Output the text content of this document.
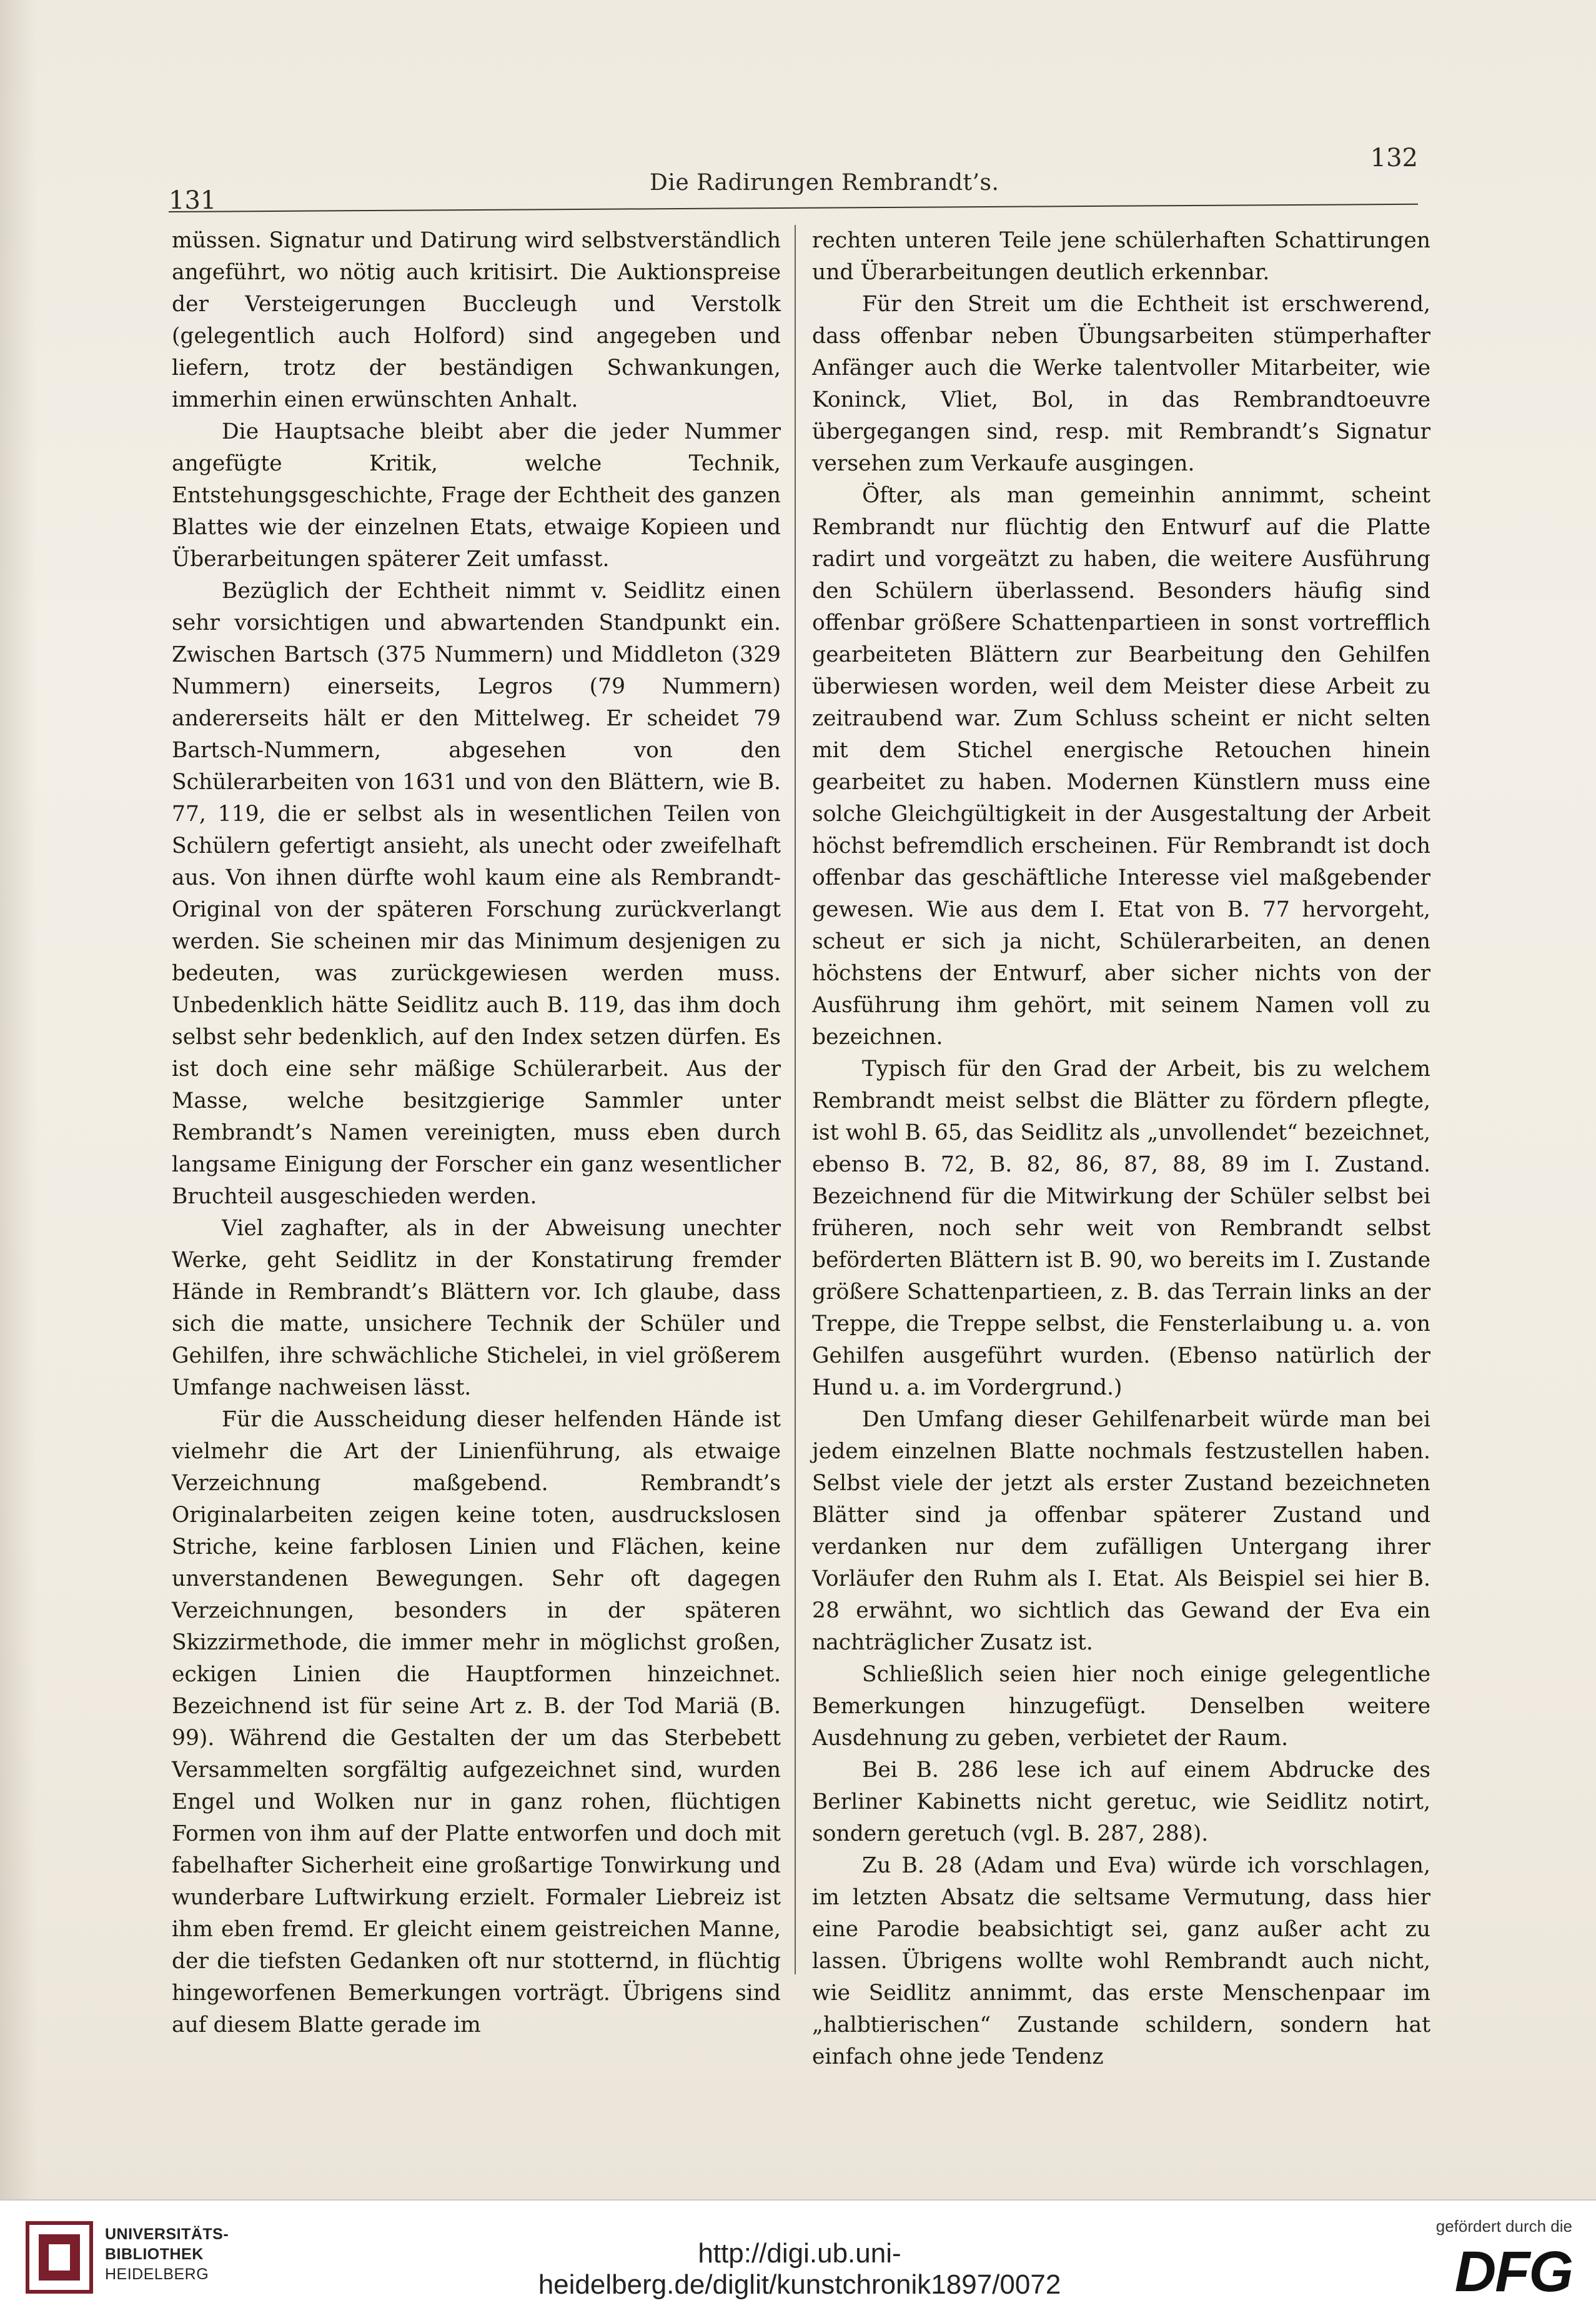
131
Die Radirungen Rembrandt’s.
132

müssen. Signatur und Datirung wird selbstverständlich angeführt, wo nötig auch kritisirt. Die Auktionspreise der Versteigerungen Buccleugh und Verstolk (gelegentlich auch Holford) sind angegeben und liefern, trotz der beständigen Schwankungen, immerhin einen erwünschten Anhalt.

Die Hauptsache bleibt aber die jeder Nummer angefügte Kritik, welche Technik, Entstehungsgeschichte, Frage der Echtheit des ganzen Blattes wie der einzelnen Etats, etwaige Kopieen und Überarbeitungen späterer Zeit umfasst.

Bezüglich der Echtheit nimmt v. Seidlitz einen sehr vorsichtigen und abwartenden Standpunkt ein. Zwischen Bartsch (375 Nummern) und Middleton (329 Nummern) einerseits, Legros (79 Nummern) andererseits hält er den Mittelweg. Er scheidet 79 Bartsch-Nummern, abgesehen von den Schülerarbeiten von 1631 und von den Blättern, wie B. 77, 119, die er selbst als in wesentlichen Teilen von Schülern gefertigt ansieht, als unecht oder zweifelhaft aus. Von ihnen dürfte wohl kaum eine als Rembrandt-Original von der späteren Forschung zurückverlangt werden. Sie scheinen mir das Minimum desjenigen zu bedeuten, was zurückgewiesen werden muss. Unbedenklich hätte Seidlitz auch B. 119, das ihm doch selbst sehr bedenklich, auf den Index setzen dürfen. Es ist doch eine sehr mäßige Schülerarbeit. Aus der Masse, welche besitzgierige Sammler unter Rembrandt’s Namen vereinigten, muss eben durch langsame Einigung der Forscher ein ganz wesentlicher Bruchteil ausgeschieden werden.

Viel zaghafter, als in der Abweisung unechter Werke, geht Seidlitz in der Konstatirung fremder Hände in Rembrandt’s Blättern vor. Ich glaube, dass sich die matte, unsichere Technik der Schüler und Gehilfen, ihre schwächliche Stichelei, in viel größerem Umfange nachweisen lässt.

Für die Ausscheidung dieser helfenden Hände ist vielmehr die Art der Linienführung, als etwaige Verzeichnung maßgebend. Rembrandt’s Originalarbeiten zeigen keine toten, ausdruckslosen Striche, keine farblosen Linien und Flächen, keine unverstandenen Bewegungen. Sehr oft dagegen Verzeichnungen, besonders in der späteren Skizzirmethode, die immer mehr in möglichst großen, eckigen Linien die Hauptformen hinzeichnet. Bezeichnend ist für seine Art z. B. der Tod Mariä (B. 99). Während die Gestalten der um das Sterbebett Versammelten sorgfältig aufgezeichnet sind, wurden Engel und Wolken nur in ganz rohen, flüchtigen Formen von ihm auf der Platte entworfen und doch mit fabelhafter Sicherheit eine großartige Tonwirkung und wunderbare Luftwirkung erzielt. Formaler Liebreiz ist ihm eben fremd. Er gleicht einem geistreichen Manne, der die tiefsten Gedanken oft nur stotternd, in flüchtig hingeworfenen Bemerkungen vorträgt. Übrigens sind auf diesem Blatte gerade im

rechten unteren Teile jene schülerhaften Schattirungen und Überarbeitungen deutlich erkennbar.

Für den Streit um die Echtheit ist erschwerend, dass offenbar neben Übungsarbeiten stümperhafter Anfänger auch die Werke talentvoller Mitarbeiter, wie Koninck, Vliet, Bol, in das Rembrandtoeuvre übergegangen sind, resp. mit Rembrandt’s Signatur versehen zum Verkaufe ausgingen.

Öfter, als man gemeinhin annimmt, scheint Rembrandt nur flüchtig den Entwurf auf die Platte radirt und vorgeätzt zu haben, die weitere Ausführung den Schülern überlassend. Besonders häufig sind offenbar größere Schattenpartieen in sonst vortrefflich gearbeiteten Blättern zur Bearbeitung den Gehilfen überwiesen worden, weil dem Meister diese Arbeit zu zeitraubend war. Zum Schluss scheint er nicht selten mit dem Stichel energische Retouchen hinein gearbeitet zu haben. Modernen Künstlern muss eine solche Gleichgültigkeit in der Ausgestaltung der Arbeit höchst befremdlich erscheinen. Für Rembrandt ist doch offenbar das geschäftliche Interesse viel maßgebender gewesen. Wie aus dem I. Etat von B. 77 hervorgeht, scheut er sich ja nicht, Schülerarbeiten, an denen höchstens der Entwurf, aber sicher nichts von der Ausführung ihm gehört, mit seinem Namen voll zu bezeichnen.

Typisch für den Grad der Arbeit, bis zu welchem Rembrandt meist selbst die Blätter zu fördern pflegte, ist wohl B. 65, das Seidlitz als „unvollendet“ bezeichnet, ebenso B. 72, B. 82, 86, 87, 88, 89 im I. Zustand. Bezeichnend für die Mitwirkung der Schüler selbst bei früheren, noch sehr weit von Rembrandt selbst beförderten Blättern ist B. 90, wo bereits im I. Zustande größere Schattenpartieen, z. B. das Terrain links an der Treppe, die Treppe selbst, die Fensterlaibung u. a. von Gehilfen ausgeführt wurden. (Ebenso natürlich der Hund u. a. im Vordergrund.)

Den Umfang dieser Gehilfenarbeit würde man bei jedem einzelnen Blatte nochmals festzustellen haben. Selbst viele der jetzt als erster Zustand bezeichneten Blätter sind ja offenbar späterer Zustand und verdanken nur dem zufälligen Untergang ihrer Vorläufer den Ruhm als I. Etat. Als Beispiel sei hier B. 28 erwähnt, wo sichtlich das Gewand der Eva ein nachträglicher Zusatz ist.

Schließlich seien hier noch einige gelegentliche Bemerkungen hinzugefügt. Denselben weitere Ausdehnung zu geben, verbietet der Raum.

Bei B. 286 lese ich auf einem Abdrucke des Berliner Kabinetts nicht geretuc, wie Seidlitz notirt, sondern geretuch (vgl. B. 287, 288).

Zu B. 28 (Adam und Eva) würde ich vorschlagen, im letzten Absatz die seltsame Vermutung, dass hier eine Parodie beabsichtigt sei, ganz außer acht zu lassen. Übrigens wollte wohl Rembrandt auch nicht, wie Seidlitz annimmt, das erste Menschenpaar im „halbtierischen“ Zustande schildern, sondern hat einfach ohne jede Tendenz

UNIVERSITÄTS-
BIBLIOTHEK
HEIDELBERG
http://digi.ub.uni-heidelberg.de/diglit/kunstchronik1897/0072
gefördert durch die
DFG
